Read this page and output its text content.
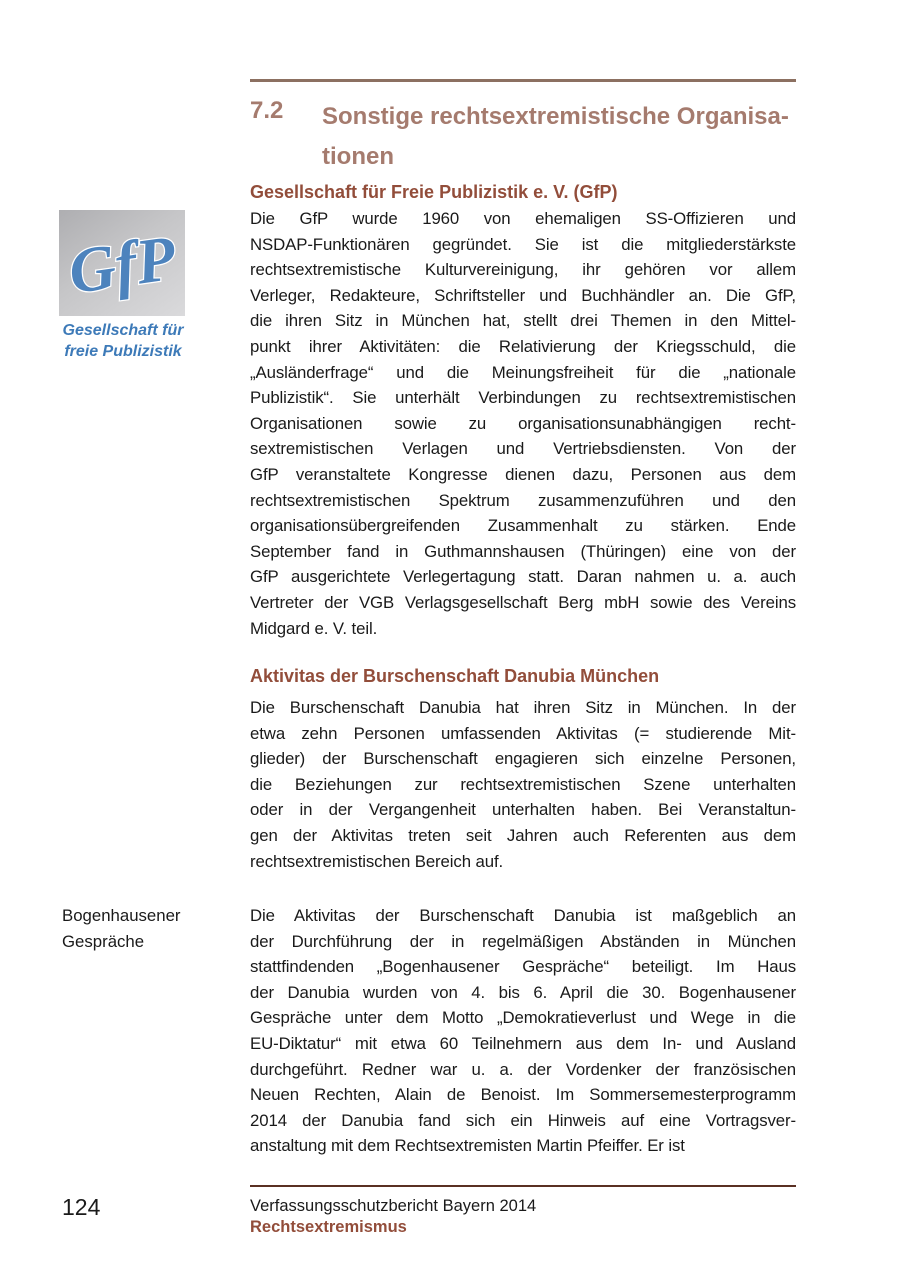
7.2 Sonstige rechtsextremistische Organisa-
tionen
GfP
Gesellschaft für
freie Publizistik
Gesellschaft für Freie Publizistik e. V. (GfP)
Die GfP wurde 1960 von ehemaligen SS-Offizieren und
NSDAP-Funktionären gegründet. Sie ist die mitgliederstärkste
rechtsextremistische Kulturvereinigung, ihr gehören vor allem
Verleger, Redakteure, Schriftsteller und Buchhändler an. Die GfP,
die ihren Sitz in München hat, stellt drei Themen in den Mittel-
punkt ihrer Aktivitäten: die Relativierung der Kriegsschuld, die
„Ausländerfrage“ und die Meinungsfreiheit für die „nationale
Publizistik“. Sie unterhält Verbindungen zu rechtsextremistischen
Organisationen sowie zu organisationsunabhängigen recht-
sextremistischen Verlagen und Vertriebsdiensten. Von der
GfP veranstaltete Kongresse dienen dazu, Personen aus dem
rechtsextremistischen Spektrum zusammenzuführen und den
organisationsübergreifenden Zusammenhalt zu stärken. Ende
September fand in Guthmannshausen (Thüringen) eine von der
GfP ausgerichtete Verlegertagung statt. Daran nahmen u. a. auch
Vertreter der VGB Verlagsgesellschaft Berg mbH sowie des Vereins
Midgard e. V. teil.
Aktivitas der Burschenschaft Danubia München
Die Burschenschaft Danubia hat ihren Sitz in München. In der
etwa zehn Personen umfassenden Aktivitas (= studierende Mit-
glieder) der Burschenschaft engagieren sich einzelne Personen,
die Beziehungen zur rechtsextremistischen Szene unterhalten
oder in der Vergangenheit unterhalten haben. Bei Veranstaltun-
gen der Aktivitas treten seit Jahren auch Referenten aus dem
rechtsextremistischen Bereich auf.
Bogenhausener
Gespräche
Die Aktivitas der Burschenschaft Danubia ist maßgeblich an
der Durchführung der in regelmäßigen Abständen in München
stattfindenden „Bogenhausener Gespräche“ beteiligt. Im Haus
der Danubia wurden von 4. bis 6. April die 30. Bogenhausener
Gespräche unter dem Motto „Demokratieverlust und Wege in die
EU-Diktatur“ mit etwa 60 Teilnehmern aus dem In- und Ausland
durchgeführt. Redner war u. a. der Vordenker der französischen
Neuen Rechten, Alain de Benoist. Im Sommersemesterprogramm
2014 der Danubia fand sich ein Hinweis auf eine Vortragsver-
anstaltung mit dem Rechtsextremisten Martin Pfeiffer. Er ist
124	Verfassungsschutzbericht Bayern 2014
Rechtsextremismus
